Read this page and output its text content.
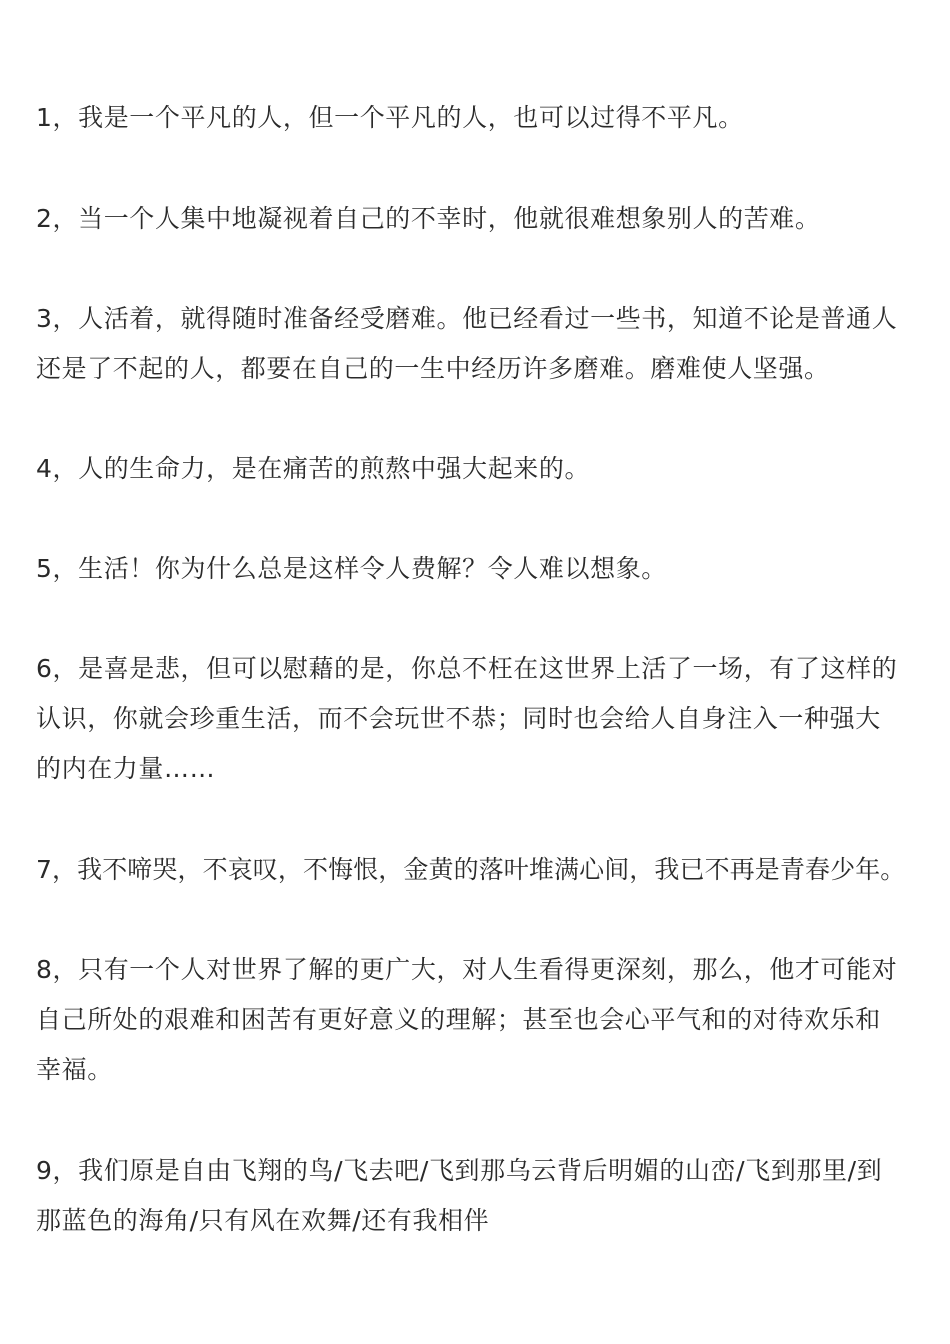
1，我是一个平凡的人，但一个平凡的人，也可以过得不平凡。

2，当一个人集中地凝视着自己的不幸时，他就很难想象别人的苦难。

3，人活着，就得随时准备经受磨难。他已经看过一些书，知道不论是普通人
还是了不起的人，都要在自己的一生中经历许多磨难。磨难使人坚强。

4，人的生命力，是在痛苦的煎熬中强大起来的。

5，生活！你为什么总是这样令人费解？令人难以想象。

6，是喜是悲，但可以慰藉的是，你总不枉在这世界上活了一场，有了这样的
认识，你就会珍重生活，而不会玩世不恭；同时也会给人自身注入一种强大
的内在力量……

7，我不啼哭，不哀叹，不悔恨，金黄的落叶堆满心间，我已不再是青春少年。

8，只有一个人对世界了解的更广大，对人生看得更深刻，那么，他才可能对
自己所处的艰难和困苦有更好意义的理解；甚至也会心平气和的对待欢乐和
幸福。

9，我们原是自由飞翔的鸟/飞去吧/飞到那乌云背后明媚的山峦/飞到那里/到
那蓝色的海角/只有风在欢舞/还有我相伴
